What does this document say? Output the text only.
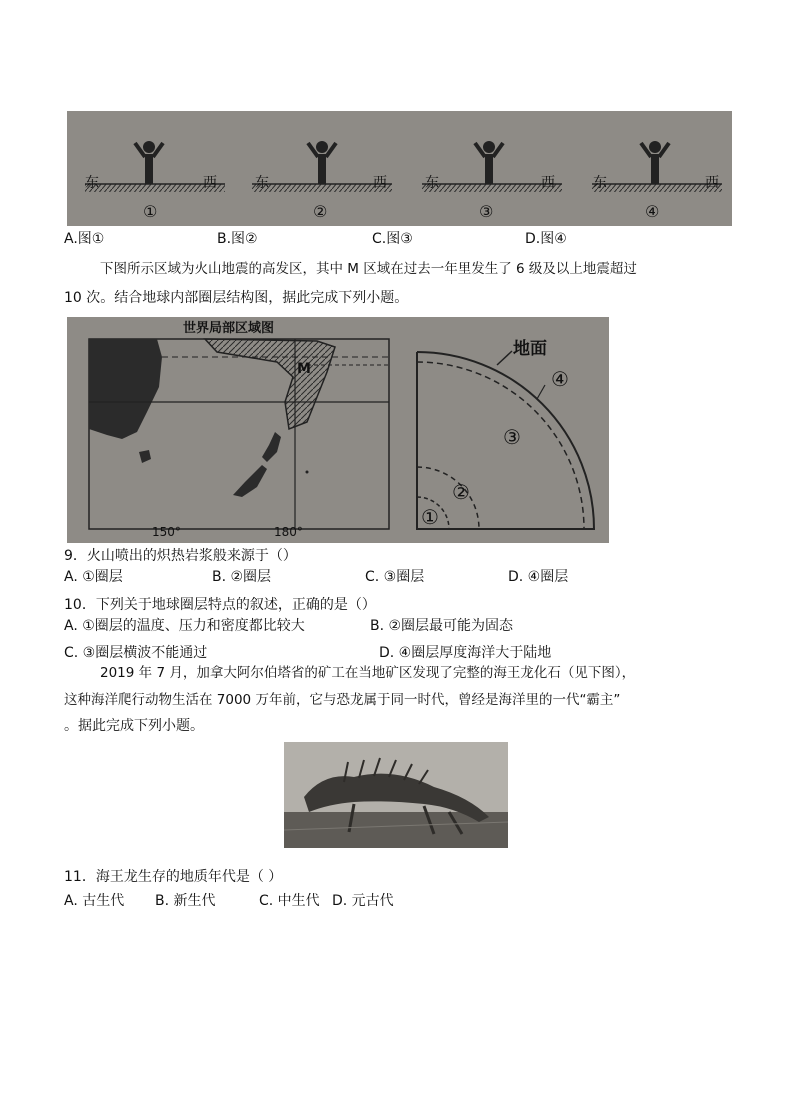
东	西
①
东	西
②
东	西
③
东	西
④
A.图①	B.图②	C.图③	D.图④
下图所示区域为火山地震的高发区，其中 M 区域在过去一年里发生了 6 级及以上地震超过
10 次。结合地球内部圈层结构图，据此完成下列小题。
世界局部区域图
M
150°	180°
地面
④
③
②
①
9．火山喷出的炽热岩浆般来源于（）
A. ①圈层	B. ②圈层	C. ③圈层	D. ④圈层
10．下列关于地球圈层特点的叙述，正确的是（）
A. ①圈层的温度、压力和密度都比较大	B. ②圈层最可能为固态
C. ③圈层横波不能通过	D. ④圈层厚度海洋大于陆地
2019 年 7 月，加拿大阿尔伯塔省的矿工在当地矿区发现了完整的海王龙化石（见下图），
这种海洋爬行动物生活在 7000 万年前，它与恐龙属于同一时代，曾经是海洋里的一代“霸主”
。据此完成下列小题。
11．海王龙生存的地质年代是（ ）
A. 古生代 B. 新生代	C. 中生代 D. 元古代
